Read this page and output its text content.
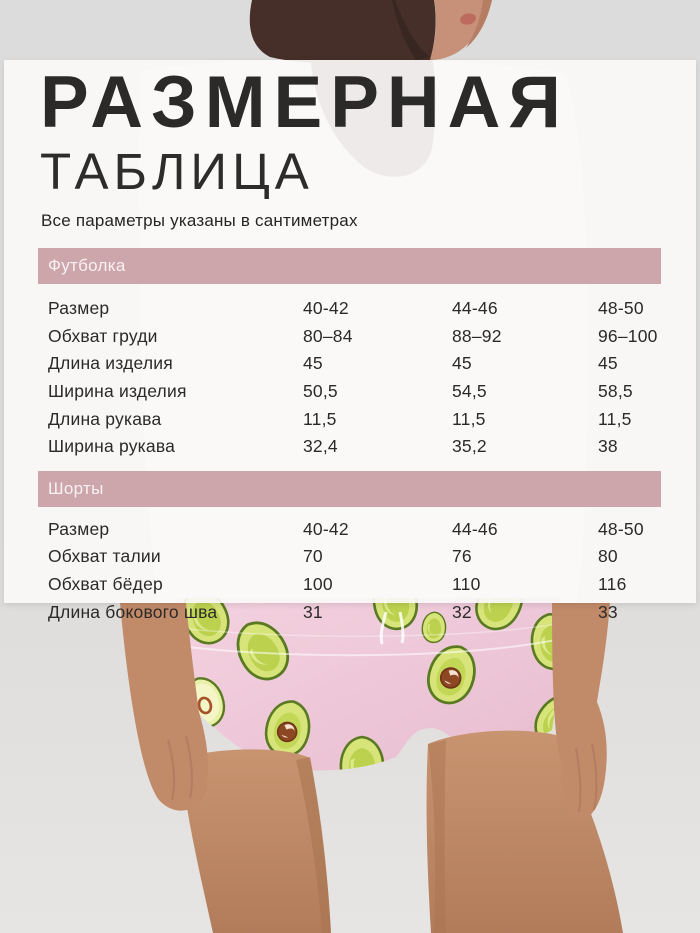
РАЗМЕРНАЯ
ТАБЛИЦА
Все параметры указаны в сантиметрах
Футболка
Размер	40-42	44-46	48-50
Обхват груди	80–84	88–92	96–100
Длина изделия	45	45	45
Ширина изделия	50,5	54,5	58,5
Длина рукава	11,5	11,5	11,5
Ширина рукава	32,4	35,2	38
Шорты
Размер	40-42	44-46	48-50
Обхват талии	70	76	80
Обхват бёдер	100	110	116
Длина бокового шва	31	32	33
